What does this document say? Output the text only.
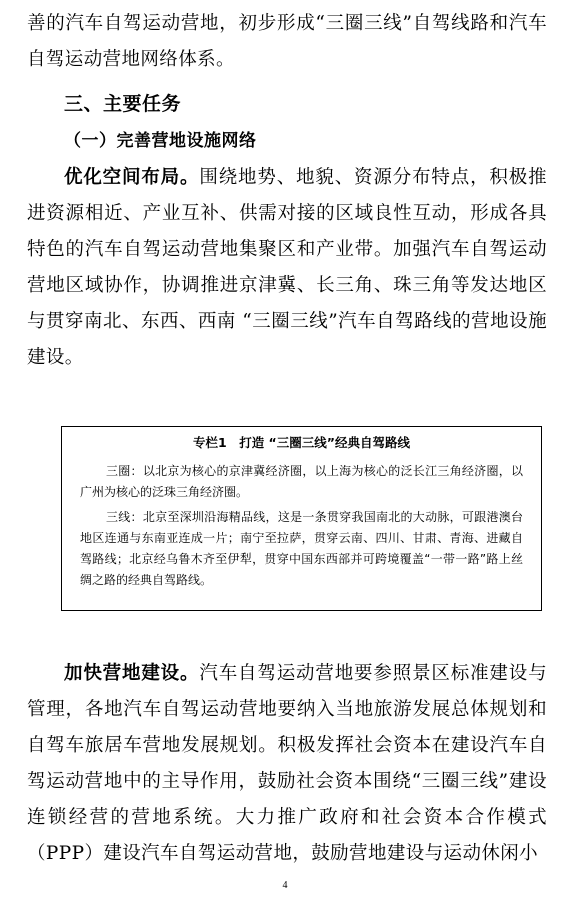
善的汽车自驾运动营地，初步形成“三圈三线”自驾线路和汽车自驾运动营地网络体系。

三、主要任务
（一）完善营地设施网络

优化空间布局。围绕地势、地貌、资源分布特点，积极推进资源相近、产业互补、供需对接的区域良性互动，形成各具特色的汽车自驾运动营地集聚区和产业带。加强汽车自驾运动营地区域协作，协调推进京津冀、长三角、珠三角等发达地区与贯穿南北、东西、西南 “三圈三线”汽车自驾路线的营地设施建设。

专栏1　打造 “三圈三线”经典自驾路线

三圈：以北京为核心的京津冀经济圈，以上海为核心的泛长江三角经济圈，以广州为核心的泛珠三角经济圈。

三线：北京至深圳沿海精品线，这是一条贯穿我国南北的大动脉，可跟港澳台地区连通与东南亚连成一片；南宁至拉萨，贯穿云南、四川、甘肃、青海、进藏自驾路线；北京经乌鲁木齐至伊犁，贯穿中国东西部并可跨境覆盖“一带一路”路上丝绸之路的经典自驾路线。

加快营地建设。汽车自驾运动营地要参照景区标准建设与管理，各地汽车自驾运动营地要纳入当地旅游发展总体规划和自驾车旅居车营地发展规划。积极发挥社会资本在建设汽车自驾运动营地中的主导作用，鼓励社会资本围绕“三圈三线”建设连锁经营的营地系统。大力推广政府和社会资本合作模式（PPP）建设汽车自驾运动营地，鼓励营地建设与运动休闲小

4
